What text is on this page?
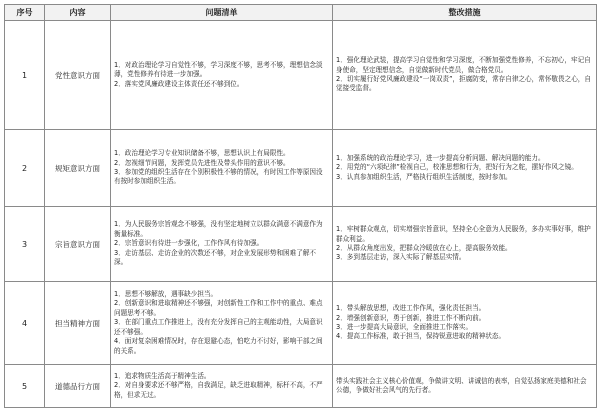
序号	内容	问题清单	整改措施
1	党性意识方面	1．对政治理论学习自觉性不够，学习深度不够，思考不够，理想信念淡薄，党性修养有待进一步加强。
2．落实党风廉政建设主体责任还不够到位。	1．强化理论武装，提高学习自觉性和学习深度，不断加强党性修养，不忘初心，牢记自身使命，坚定理想信念，自觉做新时代党员，做合格党员。
2．切实履行好党风廉政建设“一岗双责”，拒腐防变，常存自律之心，常怀敬畏之心，自觉接受监督。

2	规矩意识方面	1．政治理论学习专业知识储备不够，思想认识上有局限性。
2．忽视细节问题，发挥党员先进性及带头作用的意识不够。
3．参加党的组织生活存在个别积极性不够的情况，有时因工作等原因没有按时参加组织生活。	1．加强系统的政治理论学习，进一步提高分析问题、解决问题的能力。
2．用党的“六项纪律”检视自己，校准思想和行为，把好行为之舵，摆好作风之镜。
3．认真参加组织生活，严格执行组织生活制度，按时参加。

3	宗旨意识方面	1．为人民服务宗旨观念不够强，没有坚定地树立以群众满意不满意作为衡量标准。
2．宗旨意识有待进一步强化，工作作风有待加强。
3．走访基层、走访企业的次数还不够，对企业发展形势和困难了解不深。	1．牢树群众观点，切实增强宗旨意识，坚持全心全意为人民服务，多办实事好事，维护群众利益。
2．从群众角度出发，把群众冷暖放在心上，提高服务效能。
3．多到基层走访，深入实际了解基层实情。

4	担当精神方面	1．思想不够解放，遇事缺少担当。
2．创新意识和进取精神还不够强，对创新性工作和工作中的重点、难点问题思考不够。
3．在部门重点工作推进上，没有充分发挥自己的主观能动性，大局意识还不够强。
4．面对复杂困难情况时，存在退避心态，怕吃力不讨好，影响干部之间的关系。	1．带头解放思想，改进工作作风，强化责任担当。
2．增强创新意识，勇于创新，推进工作不断向前。
3．进一步提高大局意识，全面推进工作落实。
4．提高工作标准，敢于担当，保持锐意进取的精神状态。

5	道德品行方面	1．追求物质生活高于精神生活。
2．对自身要求还不够严格，自我满足，缺乏进取精神，标杆不高，不严格，但求无过。	带头实践社会主义核心价值观，争做讲文明、讲诚信的表率，自觉弘扬家庭美德和社会公德，争做好社会风气的先行者。
